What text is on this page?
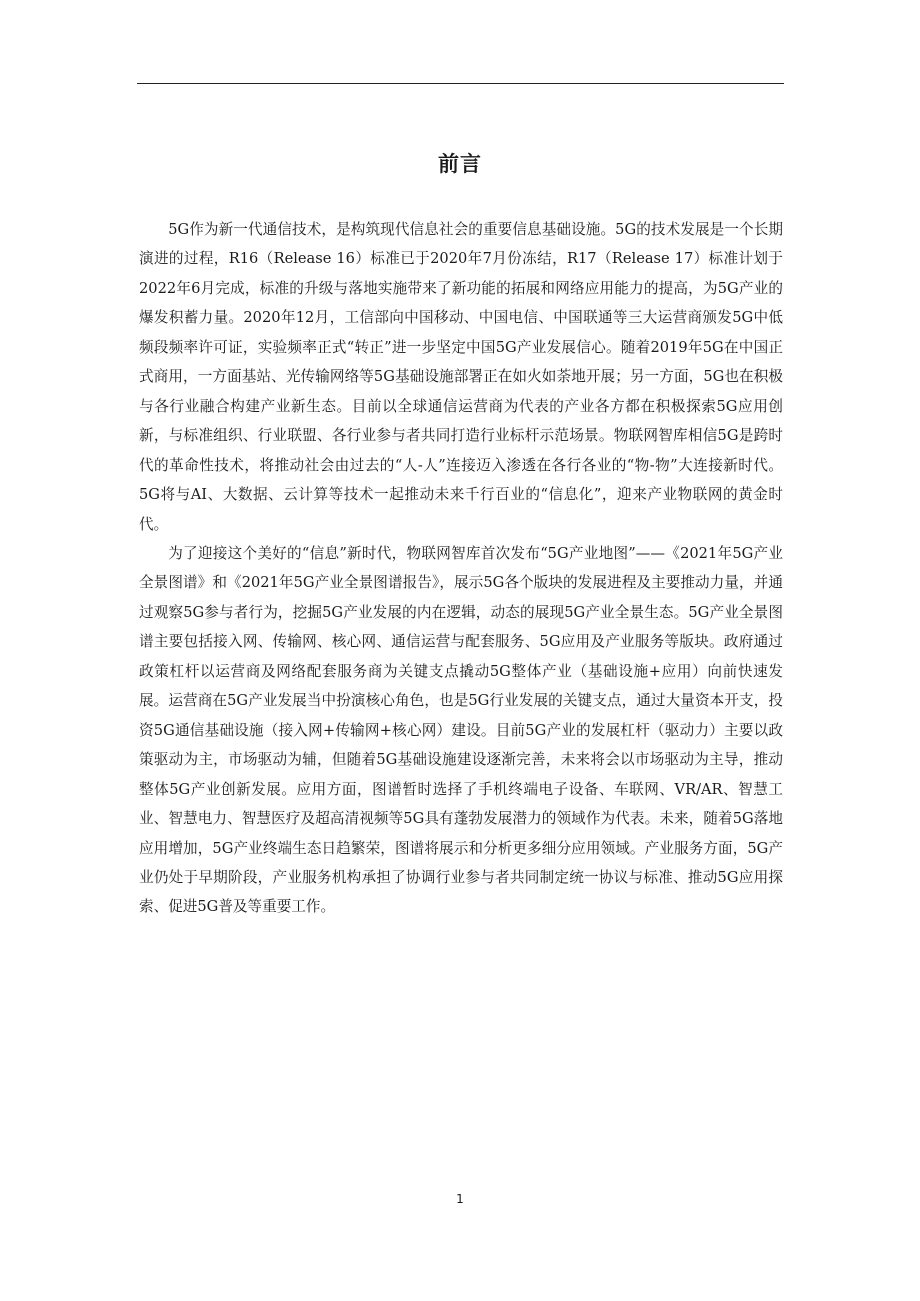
前言

5G作为新一代通信技术，是构筑现代信息社会的重要信息基础设施。5G的技术发展是一个长期演进的过程，R16（Release 16）标准已于2020年7月份冻结，R17（Release 17）标准计划于2022年6月完成，标准的升级与落地实施带来了新功能的拓展和网络应用能力的提高，为5G产业的爆发积蓄力量。2020年12月，工信部向中国移动、中国电信、中国联通等三大运营商颁发5G中低频段频率许可证，实验频率正式“转正”进一步坚定中国5G产业发展信心。随着2019年5G在中国正式商用，一方面基站、光传输网络等5G基础设施部署正在如火如荼地开展；另一方面，5G也在积极与各行业融合构建产业新生态。目前以全球通信运营商为代表的产业各方都在积极探索5G应用创新，与标准组织、行业联盟、各行业参与者共同打造行业标杆示范场景。物联网智库相信5G是跨时代的革命性技术，将推动社会由过去的“人-人”连接迈入渗透在各行各业的“物-物”大连接新时代。5G将与AI、大数据、云计算等技术一起推动未来千行百业的“信息化”，迎来产业物联网的黄金时代。

为了迎接这个美好的“信息”新时代，物联网智库首次发布“5G产业地图”——《2021年5G产业全景图谱》和《2021年5G产业全景图谱报告》，展示5G各个版块的发展进程及主要推动力量，并通过观察5G参与者行为，挖掘5G产业发展的内在逻辑，动态的展现5G产业全景生态。5G产业全景图谱主要包括接入网、传输网、核心网、通信运营与配套服务、5G应用及产业服务等版块。政府通过政策杠杆以运营商及网络配套服务商为关键支点撬动5G整体产业（基础设施+应用）向前快速发展。运营商在5G产业发展当中扮演核心角色，也是5G行业发展的关键支点，通过大量资本开支，投资5G通信基础设施（接入网+传输网+核心网）建设。目前5G产业的发展杠杆（驱动力）主要以政策驱动为主，市场驱动为辅，但随着5G基础设施建设逐渐完善，未来将会以市场驱动为主导，推动整体5G产业创新发展。应用方面，图谱暂时选择了手机终端电子设备、车联网、VR/AR、智慧工业、智慧电力、智慧医疗及超高清视频等5G具有蓬勃发展潜力的领域作为代表。未来，随着5G落地应用增加，5G产业终端生态日趋繁荣，图谱将展示和分析更多细分应用领域。产业服务方面，5G产业仍处于早期阶段，产业服务机构承担了协调行业参与者共同制定统一协议与标准、推动5G应用探索、促进5G普及等重要工作。

1
